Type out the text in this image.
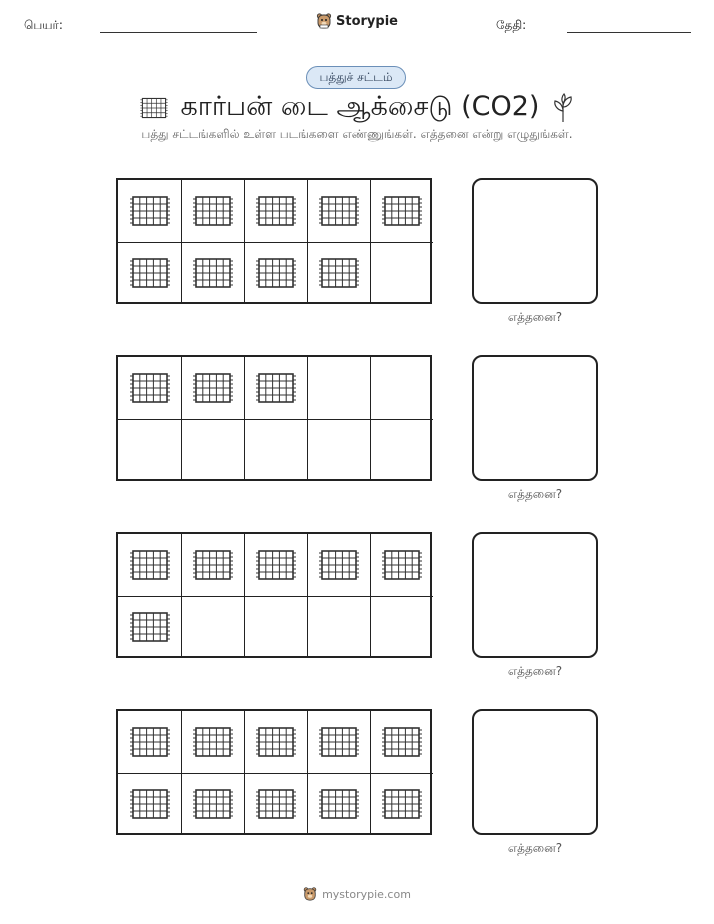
பெயர்:	Storypie	தேதி:
பத்துச் சட்டம்
கார்பன் டை ஆக்சைடு (CO2)
பத்து சட்டங்களில் உள்ள படங்களை எண்ணுங்கள். எத்தனை என்று எழுதுங்கள்.
எத்தனை?
எத்தனை?
எத்தனை?
எத்தனை?
mystorypie.com
